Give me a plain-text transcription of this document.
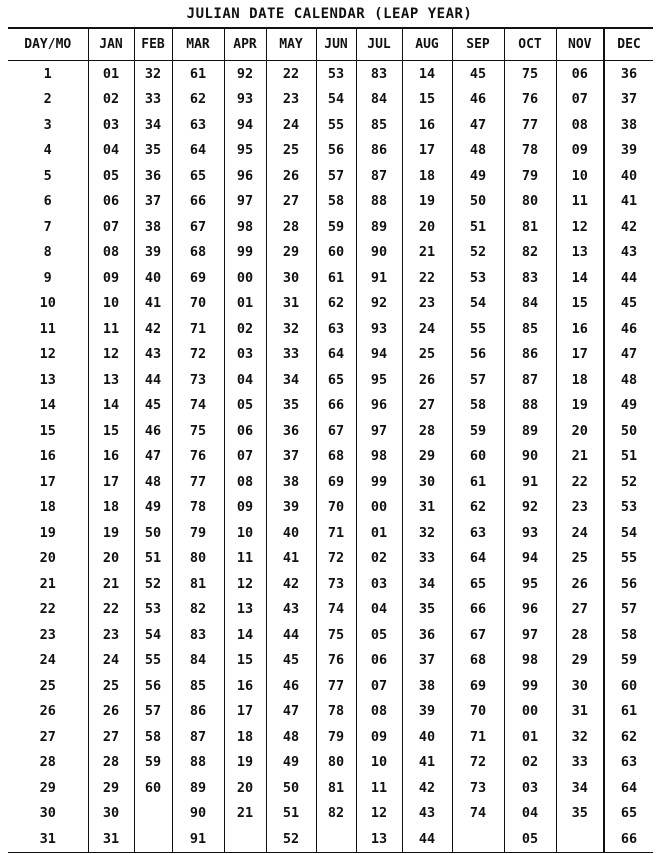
JULIAN DATE CALENDAR (LEAP YEAR)
DAY/MO	JAN	FEB	MAR	APR	MAY	JUN	JUL	AUG	SEP	OCT	NOV	DEC
1	01	32	61	92	22	53	83	14	45	75	06	36
2	02	33	62	93	23	54	84	15	46	76	07	37
3	03	34	63	94	24	55	85	16	47	77	08	38
4	04	35	64	95	25	56	86	17	48	78	09	39
5	05	36	65	96	26	57	87	18	49	79	10	40
6	06	37	66	97	27	58	88	19	50	80	11	41
7	07	38	67	98	28	59	89	20	51	81	12	42
8	08	39	68	99	29	60	90	21	52	82	13	43
9	09	40	69	00	30	61	91	22	53	83	14	44
10	10	41	70	01	31	62	92	23	54	84	15	45
11	11	42	71	02	32	63	93	24	55	85	16	46
12	12	43	72	03	33	64	94	25	56	86	17	47
13	13	44	73	04	34	65	95	26	57	87	18	48
14	14	45	74	05	35	66	96	27	58	88	19	49
15	15	46	75	06	36	67	97	28	59	89	20	50
16	16	47	76	07	37	68	98	29	60	90	21	51
17	17	48	77	08	38	69	99	30	61	91	22	52
18	18	49	78	09	39	70	00	31	62	92	23	53
19	19	50	79	10	40	71	01	32	63	93	24	54
20	20	51	80	11	41	72	02	33	64	94	25	55
21	21	52	81	12	42	73	03	34	65	95	26	56
22	22	53	82	13	43	74	04	35	66	96	27	57
23	23	54	83	14	44	75	05	36	67	97	28	58
24	24	55	84	15	45	76	06	37	68	98	29	59
25	25	56	85	16	46	77	07	38	69	99	30	60
26	26	57	86	17	47	78	08	39	70	00	31	61
27	27	58	87	18	48	79	09	40	71	01	32	62
28	28	59	88	19	49	80	10	41	72	02	33	63
29	29	60	89	20	50	81	11	42	73	03	34	64
30	30		90	21	51	82	12	43	74	04	35	65
31	31		91		52		13	44		05		66
